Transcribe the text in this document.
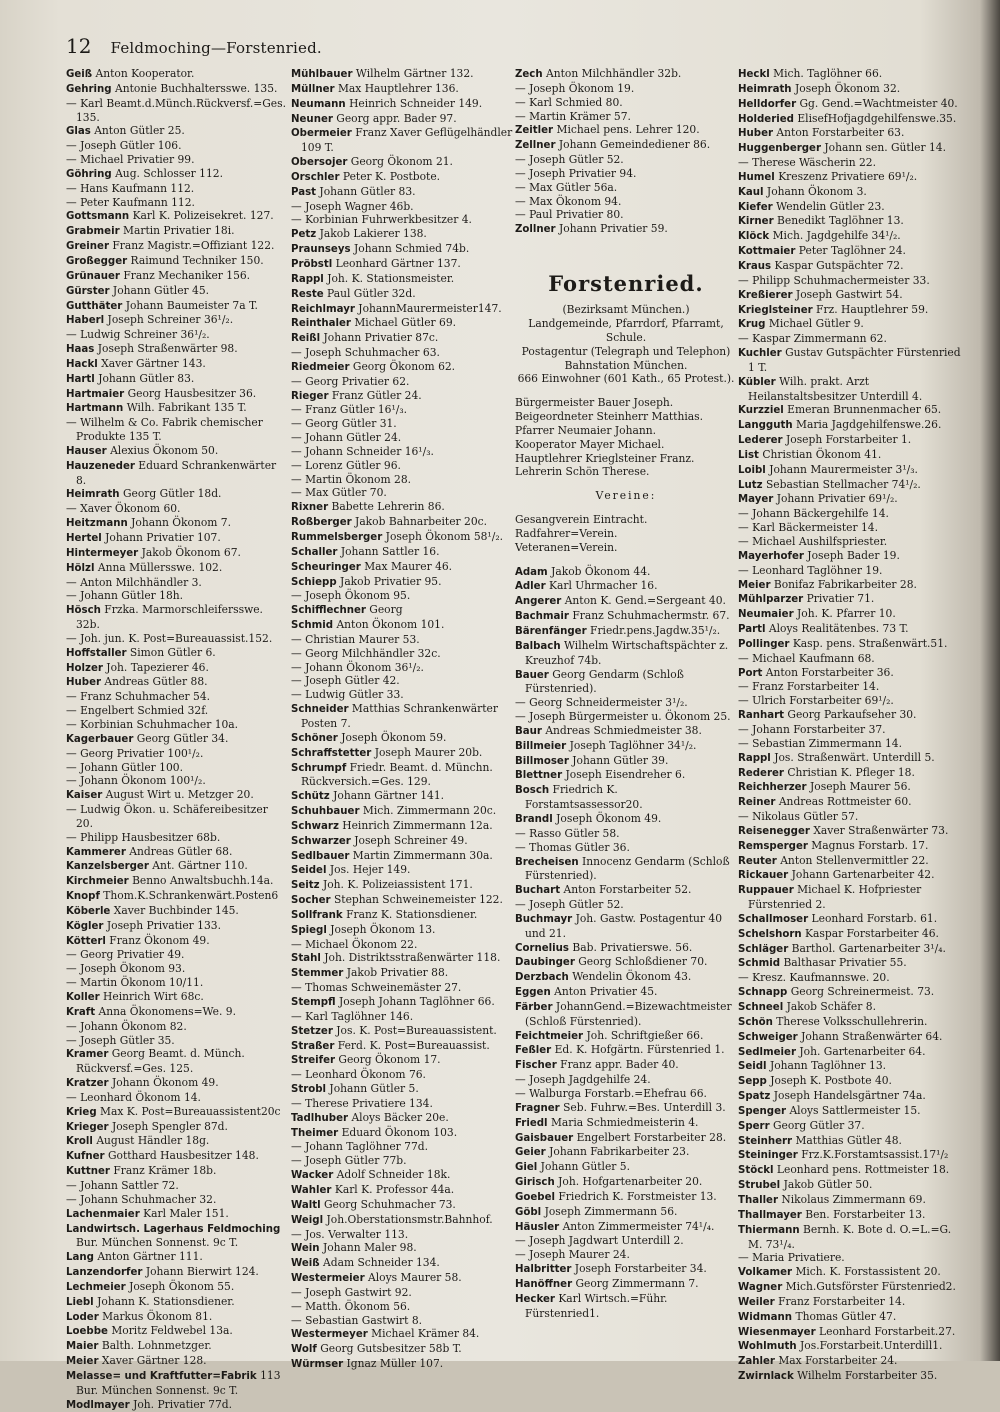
12 Feldmoching—Forstenried.
Geiß Anton Kooperator.
Gehring Antonie Buchhaltersswe. 135.
— Karl Beamt.d.Münch.Rückversf.=Ges. 135.
Glas Anton Gütler 25.
— Joseph Gütler 106.
— Michael Privatier 99.
Göhring Aug. Schlosser 112.
— Hans Kaufmann 112.
— Peter Kaufmann 112.
Gottsmann Karl K. Polizeisekret. 127.
Grabmeir Martin Privatier 18i.
Greiner Franz Magistr.=Offiziant 122.
Großegger Raimund Techniker 150.
Grünauer Franz Mechaniker 156.
Gürster Johann Gütler 45.
Gutthäter Johann Baumeister 7a T.
Haberl Joseph Schreiner 36¹/₂.
— Ludwig Schreiner 36¹/₂.
Haas Joseph Straßenwärter 98.
Hackl Xaver Gärtner 143.
Hartl Johann Gütler 83.
Hartmaier Georg Hausbesitzer 36.
Hartmann Wilh. Fabrikant 135 T.
— Wilhelm & Co. Fabrik chemischer Produkte 135 T.
Hauser Alexius Ökonom 50.
Hauzeneder Eduard Schrankenwärter 8.
Heimrath Georg Gütler 18d.
— Xaver Ökonom 60.
Heitzmann Johann Ökonom 7.
Hertel Johann Privatier 107.
Hintermeyer Jakob Ökonom 67.
Hölzl Anna Müllersswe. 102.
— Anton Milchhändler 3.
— Johann Gütler 18h.
Hösch Frzka. Marmorschleifersswe. 32b.
— Joh. jun. K. Post=Bureauassist.152.
Hoffstaller Simon Gütler 6.
Holzer Joh. Tapezierer 46.
Huber Andreas Gütler 88.
— Franz Schuhmacher 54.
— Engelbert Schmied 32f.
— Korbinian Schuhmacher 10a.
Kagerbauer Georg Gütler 34.
— Georg Privatier 100¹/₂.
— Johann Gütler 100.
— Johann Ökonom 100¹/₂.
Kaiser August Wirt u. Metzger 20.
— Ludwig Ökon. u. Schäfereibesitzer 20.
— Philipp Hausbesitzer 68b.
Kammerer Andreas Gütler 68.
Kanzelsberger Ant. Gärtner 110.
Kirchmeier Benno Anwaltsbuchh.14a.
Knopf Thom.K.Schrankenwärt.Posten6
Köberle Xaver Buchbinder 145.
Kögler Joseph Privatier 133.
Kötterl Franz Ökonom 49.
— Georg Privatier 49.
— Joseph Ökonom 93.
— Martin Ökonom 10/11.
Koller Heinrich Wirt 68c.
Kraft Anna Ökonomens=We. 9.
— Johann Ökonom 82.
— Joseph Gütler 35.
Kramer Georg Beamt. d. Münch. Rückversf.=Ges. 125.
Kratzer Johann Ökonom 49.
— Leonhard Ökonom 14.
Krieg Max K. Post=Bureauassistent20c
Krieger Joseph Spengler 87d.
Kroll August Händler 18g.
Kufner Gotthard Hausbesitzer 148.
Kuttner Franz Krämer 18b.
— Johann Sattler 72.
— Johann Schuhmacher 32.
Lachenmaier Karl Maler 151.
Landwirtsch. Lagerhaus Feldmoching Bur. München Sonnenst. 9c T.
Lang Anton Gärtner 111.
Lanzendorfer Johann Bierwirt 124.
Lechmeier Joseph Ökonom 55.
Liebl Johann K. Stationsdiener.
Loder Markus Ökonom 81.
Loebbe Moritz Feldwebel 13a.
Maier Balth. Lohnmetzger.
Meier Xaver Gärtner 128.
Melasse= und Kraftfutter=Fabrik 113 Bur. München Sonnenst. 9c T.
Modlmayer Joh. Privatier 77d.
Mühlbauer Wilhelm Gärtner 132.
Müllner Max Hauptlehrer 136.
Neumann Heinrich Schneider 149.
Neuner Georg appr. Bader 97.
Obermeier Franz Xaver Geflügelhändler 109 T.
Obersojer Georg Ökonom 21.
Orschler Peter K. Postbote.
Past Johann Gütler 83.
— Joseph Wagner 46b.
— Korbinian Fuhrwerkbesitzer 4.
Petz Jakob Lakierer 138.
Praunseys Johann Schmied 74b.
Pröbstl Leonhard Gärtner 137.
Rappl Joh. K. Stationsmeister.
Reste Paul Gütler 32d.
Reichlmayr JohannMaurermeister147.
Reinthaler Michael Gütler 69.
Reißl Johann Privatier 87c.
— Joseph Schuhmacher 63.
Riedmeier Georg Ökonom 62.
— Georg Privatier 62.
Rieger Franz Gütler 24.
— Franz Gütler 16¹/₃.
— Georg Gütler 31.
— Johann Gütler 24.
— Johann Schneider 16¹/₃.
— Lorenz Gütler 96.
— Martin Ökonom 28.
— Max Gütler 70.
Rixner Babette Lehrerin 86.
Roßberger Jakob Bahnarbeiter 20c.
Rummelsberger Joseph Ökonom 58¹/₂.
Schaller Johann Sattler 16.
Scheuringer Max Maurer 46.
Schiepp Jakob Privatier 95.
— Joseph Ökonom 95.
Schifflechner Georg
Schmid Anton Ökonom 101.
— Christian Maurer 53.
— Georg Milchhändler 32c.
— Johann Ökonom 36¹/₂.
— Joseph Gütler 42.
— Ludwig Gütler 33.
Schneider Matthias Schrankenwärter Posten 7.
Schöner Joseph Ökonom 59.
Schraffstetter Joseph Maurer 20b.
Schrumpf Friedr. Beamt. d. Münchn. Rückversich.=Ges. 129.
Schütz Johann Gärtner 141.
Schuhbauer Mich. Zimmermann 20c.
Schwarz Heinrich Zimmermann 12a.
Schwarzer Joseph Schreiner 49.
Sedlbauer Martin Zimmermann 30a.
Seidel Jos. Hejer 149.
Seitz Joh. K. Polizeiassistent 171.
Socher Stephan Schweinemeister 122.
Sollfrank Franz K. Stationsdiener.
Spiegl Joseph Ökonom 13.
— Michael Ökonom 22.
Stahl Joh. Distriktsstraßenwärter 118.
Stemmer Jakob Privatier 88.
— Thomas Schweinemäster 27.
Stempfl Joseph Johann Taglöhner 66.
— Karl Taglöhner 146.
Stetzer Jos. K. Post=Bureauassistent.
Straßer Ferd. K. Post=Bureauassist.
Streifer Georg Ökonom 17.
— Leonhard Ökonom 76.
Strobl Johann Gütler 5.
— Therese Privatiere 134.
Tadlhuber Aloys Bäcker 20e.
Theimer Eduard Ökonom 103.
— Johann Taglöhner 77d.
— Joseph Gütler 77b.
Wacker Adolf Schneider 18k.
Wahler Karl K. Professor 44a.
Waltl Georg Schuhmacher 73.
Weigl Joh.Oberstationsmstr.Bahnhof.
— Jos. Verwalter 113.
Wein Johann Maler 98.
Weiß Adam Schneider 134.
Westermeier Aloys Maurer 58.
— Joseph Gastwirt 92.
— Matth. Ökonom 56.
— Sebastian Gastwirt 8.
Westermeyer Michael Krämer 84.
Wolf Georg Gutsbesitzer 58b T.
Würmser Ignaz Müller 107.
Zech Anton Milchhändler 32b.
— Joseph Ökonom 19.
— Karl Schmied 80.
— Martin Krämer 57.
Zeitler Michael pens. Lehrer 120.
Zellner Johann Gemeindediener 86.
— Joseph Gütler 52.
— Joseph Privatier 94.
— Max Gütler 56a.
— Max Ökonom 94.
— Paul Privatier 80.
Zollner Johann Privatier 59.
Forstenried.
(Bezirksamt München.)
Landgemeinde, Pfarrdorf, Pfarramt,
Schule.
Postagentur (Telegraph und Telephon)
Bahnstation München.
666 Einwohner (601 Kath., 65 Protest.).
Bürgermeister Bauer Joseph.
Beigeordneter Steinherr Matthias.
Pfarrer Neumaier Johann.
Kooperator Mayer Michael.
Hauptlehrer Krieglsteiner Franz.
Lehrerin Schön Therese.
Vereine:
Gesangverein Eintracht.
Radfahrer=Verein.
Veteranen=Verein.
Adam Jakob Ökonom 44.
Adler Karl Uhrmacher 16.
Angerer Anton K. Gend.=Sergeant 40.
Bachmair Franz Schuhmachermstr. 67.
Bärenfänger Friedr.pens.Jagdw.35¹/₂.
Balbach Wilhelm Wirtschaftspächter z. Kreuzhof 74b.
Bauer Georg Gendarm (Schloß Fürstenried).
— Georg Schneidermeister 3¹/₂.
— Joseph Bürgermeister u. Ökonom 25.
Baur Andreas Schmiedmeister 38.
Billmeier Joseph Taglöhner 34¹/₂.
Billmoser Johann Gütler 39.
Blettner Joseph Eisendreher 6.
Bosch Friedrich K. Forstamtsassessor20.
Brandl Joseph Ökonom 49.
— Rasso Gütler 58.
— Thomas Gütler 36.
Brecheisen Innocenz Gendarm (Schloß Fürstenried).
Buchart Anton Forstarbeiter 52.
— Joseph Gütler 52.
Buchmayr Joh. Gastw. Postagentur 40 und 21.
Cornelius Bab. Privatierswe. 56.
Daubinger Georg Schloßdiener 70.
Derzbach Wendelin Ökonom 43.
Eggen Anton Privatier 45.
Färber JohannGend.=Bizewachtmeister (Schloß Fürstenried).
Feichtmeier Joh. Schriftgießer 66.
Feßler Ed. K. Hofgärtn. Fürstenried 1.
Fischer Franz appr. Bader 40.
— Joseph Jagdgehilfe 24.
— Walburga Forstarb.=Ehefrau 66.
Fragner Seb. Fuhrw.=Bes. Unterdill 3.
Friedl Maria Schmiedmeisterin 4.
Gaisbauer Engelbert Forstarbeiter 28.
Geier Johann Fabrikarbeiter 23.
Giel Johann Gütler 5.
Girisch Joh. Hofgartenarbeiter 20.
Goebel Friedrich K. Forstmeister 13.
Göbl Joseph Zimmermann 56.
Häusler Anton Zimmermeister 74¹/₄.
— Joseph Jagdwart Unterdill 2.
— Joseph Maurer 24.
Halbritter Joseph Forstarbeiter 34.
Hanöffner Georg Zimmermann 7.
Hecker Karl Wirtsch.=Führ. Fürstenried1.
Heckl Mich. Taglöhner 66.
Heimrath Joseph Ökonom 32.
Helldorfer Gg. Gend.=Wachtmeister 40.
Holderied ElisefHofjagdgehilfenswe.35.
Huber Anton Forstarbeiter 63.
Huggenberger Johann sen. Gütler 14.
— Therese Wäscherin 22.
Humel Kreszenz Privatiere 69¹/₂.
Kaul Johann Ökonom 3.
Kiefer Wendelin Gütler 23.
Kirner Benedikt Taglöhner 13.
Klöck Mich. Jagdgehilfe 34¹/₂.
Kottmaier Peter Taglöhner 24.
Kraus Kaspar Gutspächter 72.
— Philipp Schuhmachermeister 33.
Kreßierer Joseph Gastwirt 54.
Krieglsteiner Frz. Hauptlehrer 59.
Krug Michael Gütler 9.
— Kaspar Zimmermann 62.
Kuchler Gustav Gutspächter Fürstenried 1 T.
Kübler Wilh. prakt. Arzt Heilanstaltsbesitzer Unterdill 4.
Kurzziel Emeran Brunnenmacher 65.
Langguth Maria Jagdgehilfenswe.26.
Lederer Joseph Forstarbeiter 1.
List Christian Ökonom 41.
Loibl Johann Maurermeister 3¹/₃.
Lutz Sebastian Stellmacher 74¹/₂.
Mayer Johann Privatier 69¹/₂.
— Johann Bäckergehilfe 14.
— Karl Bäckermeister 14.
— Michael Aushilfspriester.
Mayerhofer Joseph Bader 19.
— Leonhard Taglöhner 19.
Meier Bonifaz Fabrikarbeiter 28.
Mühlparzer Privatier 71.
Neumaier Joh. K. Pfarrer 10.
Partl Aloys Realitätenbes. 73 T.
Pollinger Kasp. pens. Straßenwärt.51.
— Michael Kaufmann 68.
Port Anton Forstarbeiter 36.
— Franz Forstarbeiter 14.
— Ulrich Forstarbeiter 69¹/₂.
Ranhart Georg Parkaufseher 30.
— Johann Forstarbeiter 37.
— Sebastian Zimmermann 14.
Rappl Jos. Straßenwärt. Unterdill 5.
Rederer Christian K. Pfleger 18.
Reichherzer Joseph Maurer 56.
Reiner Andreas Rottmeister 60.
— Nikolaus Gütler 57.
Reisenegger Xaver Straßenwärter 73.
Remsperger Magnus Forstarb. 17.
Reuter Anton Stellenvermittler 22.
Rickauer Johann Gartenarbeiter 42.
Ruppauer Michael K. Hofpriester Fürstenried 2.
Schallmoser Leonhard Forstarb. 61.
Schelshorn Kaspar Forstarbeiter 46.
Schläger Barthol. Gartenarbeiter 3¹/₄.
Schmid Balthasar Privatier 55.
— Kresz. Kaufmannswe. 20.
Schnapp Georg Schreinermeist. 73.
Schneel Jakob Schäfer 8.
Schön Therese Volksschullehrerin.
Schweiger Johann Straßenwärter 64.
Sedlmeier Joh. Gartenarbeiter 64.
Seidl Johann Taglöhner 13.
Sepp Joseph K. Postbote 40.
Spatz Joseph Handelsgärtner 74a.
Spenger Aloys Sattlermeister 15.
Sperr Georg Gütler 37.
Steinherr Matthias Gütler 48.
Steininger Frz.K.Forstamtsassist.17¹/₂
Stöckl Leonhard pens. Rottmeister 18.
Strubel Jakob Gütler 50.
Thaller Nikolaus Zimmermann 69.
Thallmayer Ben. Forstarbeiter 13.
Thiermann Bernh. K. Bote d. O.=L.=G. M. 73¹/₄.
— Maria Privatiere.
Volkamer Mich. K. Forstassistent 20.
Wagner Mich.Gutsförster Fürstenried2.
Weiler Franz Forstarbeiter 14.
Widmann Thomas Gütler 47.
Wiesenmayer Leonhard Forstarbeit.27.
Wohlmuth Jos.Forstarbeit.Unterdill1.
Zahler Max Forstarbeiter 24.
Zwirnlack Wilhelm Forstarbeiter 35.
